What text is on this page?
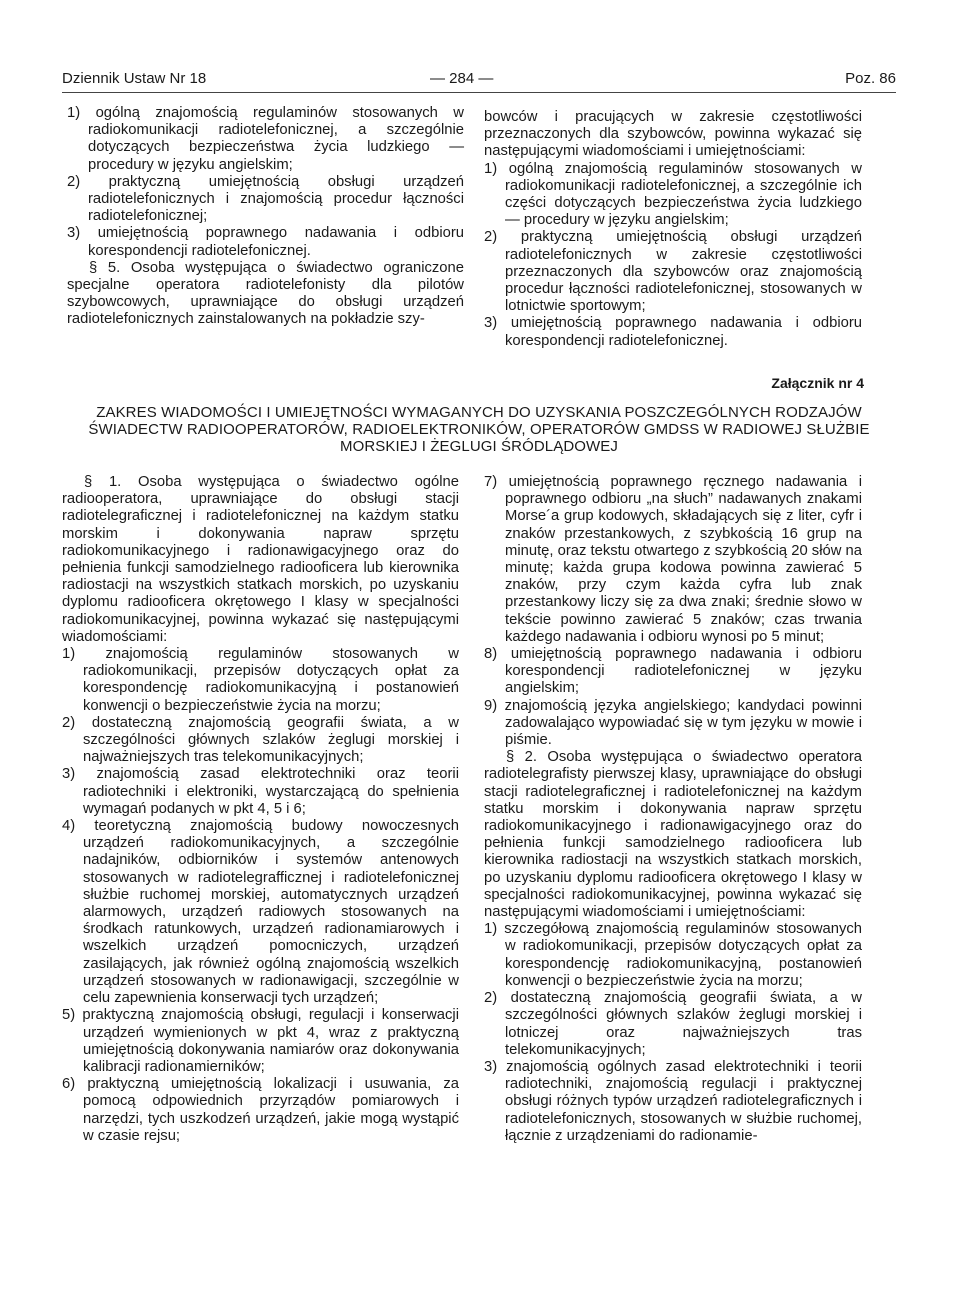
Dziennik Ustaw Nr 18	— 284 —	Poz. 86

1) ogólną znajomością regulaminów stosowanych w radiokomunikacji radiotelefonicznej, a szczególnie dotyczących bezpieczeństwa życia ludzkiego — procedury w języku angielskim;

2) praktyczną umiejętnością obsługi urządzeń radiotelefonicznych i znajomością procedur łączności radiotelefonicznej;

3) umiejętnością poprawnego nadawania i odbioru korespondencji radiotelefonicznej.

§ 5. Osoba występująca o świadectwo ograniczone specjalne operatora radiotelefonisty dla pilotów szybowcowych, uprawniające do obsługi urządzeń radiotelefonicznych zainstalowanych na pokładzie szy-

bowców i pracujących w zakresie częstotliwości przeznaczonych dla szybowców, powinna wykazać się następującymi wiadomościami i umiejętnościami:

1) ogólną znajomością regulaminów stosowanych w radiokomunikacji radiotelefonicznej, a szczególnie ich części dotyczących bezpieczeństwa życia ludzkiego — procedury w języku angielskim;

2) praktyczną umiejętnością obsługi urządzeń radiotelefonicznych w zakresie częstotliwości przeznaczonych dla szybowców oraz znajomością procedur łączności radiotelefonicznej, stosowanych w lotnictwie sportowym;

3) umiejętnością poprawnego nadawania i odbioru korespondencji radiotelefonicznej.

Załącznik nr 4
ZAKRES WIADOMOŚCI I UMIEJĘTNOŚCI WYMAGANYCH DO UZYSKANIA POSZCZEGÓLNYCH RODZAJÓW
ŚWIADECTW RADIOOPERATORÓW, RADIOELEKTRONIKÓW, OPERATORÓW GMDSS W RADIOWEJ SŁUŻBIE
MORSKIEJ I ŻEGLUGI ŚRÓDLĄDOWEJ

§ 1. Osoba występująca o świadectwo ogólne radiooperatora, uprawniające do obsługi stacji radiotelegraficznej i radiotelefonicznej na każdym statku morskim i dokonywania napraw sprzętu radiokomunikacyjnego i radionawigacyjnego oraz do pełnienia funkcji samodzielnego radiooficera lub kierownika radiostacji na wszystkich statkach morskich, po uzyskaniu dyplomu radiooficera okrętowego I klasy w specjalności radiokomunikacyjnej, powinna wykazać się następującymi wiadomościami:

1) znajomością regulaminów stosowanych w radiokomunikacji, przepisów dotyczących opłat za korespondencję radiokomunikacyjną i postanowień konwencji o bezpieczeństwie życia na morzu;

2) dostateczną znajomością geografii świata, a w szczególności głównych szlaków żeglugi morskiej i najważniejszych tras telekomunikacyjnych;

3) znajomością zasad elektrotechniki oraz teorii radiotechniki i elektroniki, wystarczającą do spełnienia wymagań podanych w pkt 4, 5 i 6;

4) teoretyczną znajomością budowy nowoczesnych urządzeń radiokomunikacyjnych, a szczególnie nadajników, odbiorników i systemów antenowych stosowanych w radiotelegrafficznej i radiotelefonicznej służbie ruchomej morskiej, automatycznych urządzeń alarmowych, urządzeń radiowych stosowanych na środkach ratunkowych, urządzeń radionamiarowych i wszelkich urządzeń pomocniczych, urządzeń zasilających, jak również ogólną znajomością wszelkich urządzeń stosowanych w radionawigacji, szczególnie w celu zapewnienia konserwacji tych urządzeń;

5) praktyczną znajomością obsługi, regulacji i konserwacji urządzeń wymienionych w pkt 4, wraz z praktyczną umiejętnością dokonywania namiarów oraz dokonywania kalibracji radionamierników;

6) praktyczną umiejętnością lokalizacji i usuwania, za pomocą odpowiednich przyrządów pomiarowych i narzędzi, tych uszkodzeń urządzeń, jakie mogą wystąpić w czasie rejsu;

7) umiejętnością poprawnego ręcznego nadawania i poprawnego odbioru „na słuch” nadawanych znakami Morse´a grup kodowych, składających się z liter, cyfr i znaków przestankowych, z szybkością 16 grup na minutę, oraz tekstu otwartego z szybkością 20 słów na minutę; każda grupa kodowa powinna zawierać 5 znaków, przy czym każda cyfra lub znak przestankowy liczy się za dwa znaki; średnie słowo w tekście powinno zawierać 5 znaków; czas trwania każdego nadawania i odbioru wynosi po 5 minut;

8) umiejętnością poprawnego nadawania i odbioru korespondencji radiotelefonicznej w języku angielskim;

9) znajomością języka angielskiego; kandydaci powinni zadowalająco wypowiadać się w tym języku w mowie i piśmie.

§ 2. Osoba występująca o świadectwo operatora radiotelegrafisty pierwszej klasy, uprawniające do obsługi stacji radiotelegraficznej i radiotelefonicznej na każdym statku morskim i dokonywania napraw sprzętu radiokomunikacyjnego i radionawigacyjnego oraz do pełnienia funkcji samodzielnego radiooficera lub kierownika radiostacji na wszystkich statkach morskich, po uzyskaniu dyplomu radiooficera okrętowego I klasy w specjalności radiokomunikacyjnej, powinna wykazać się następującymi wiadomościami i umiejętnościami:

1) szczegółową znajomością regulaminów stosowanych w radiokomunikacji, przepisów dotyczących opłat za korespondencję radiokomunikacyjną, postanowień konwencji o bezpieczeństwie życia na morzu;

2) dostateczną znajomością geografii świata, a w szczególności głównych szlaków żeglugi morskiej i lotniczej oraz najważniejszych tras telekomunikacyjnych;

3) znajomością ogólnych zasad elektrotechniki i teorii radiotechniki, znajomością regulacji i praktycznej obsługi różnych typów urządzeń radiotelegraficznych i radiotelefonicznych, stosowanych w służbie ruchomej, łącznie z urządzeniami do radionamie-
